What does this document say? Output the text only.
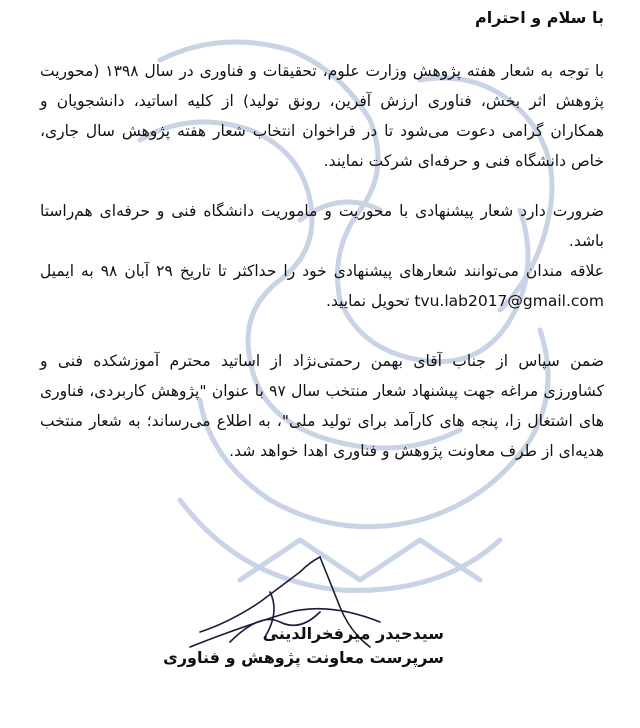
با سلام و احترام

با توجه به شعار هفته پژوهش وزارت علوم، تحقیقات و فناوری در سال ۱۳۹۸ (محوریت پژوهش اثر بخش، فناوری ارزش آفرین، رونق تولید) از کلیه اساتید، دانشجویان و همکاران گرامی دعوت می‌شود تا در فراخوان انتخاب شعار هفته پژوهش سال جاری، خاص دانشگاه فنی و حرفه‌ای شرکت نمایند.

ضرورت دارد شعار پیشنهادی با محوریت و ماموریت دانشگاه فنی و حرفه‌ای هم‌راستا باشد.

علاقه مندان می‌توانند شعارهای پیشنهادی خود را حداکثر تا تاریخ ۲۹ آبان ۹۸ به ایمیل tvu.lab2017@gmail.com تحویل نمایید.

ضمن سپاس از جناب آقای بهمن رحمتی‌نژاد از اساتید محترم آموزشکده فنی و کشاورزی مراغه جهت پیشنهاد شعار منتخب سال ۹۷ با عنوان "پژوهش کاربردی، فناوری های اشتغال زا، پنجه های کارآمد برای تولید ملی"، به اطلاع می‌رساند؛ به شعار منتخب هدیه‌ای از طرف معاونت پژوهش و فناوری اهدا خواهد شد.

سیدحیدر میرفخرالدینی
سرپرست معاونت پژوهش و فناوری
